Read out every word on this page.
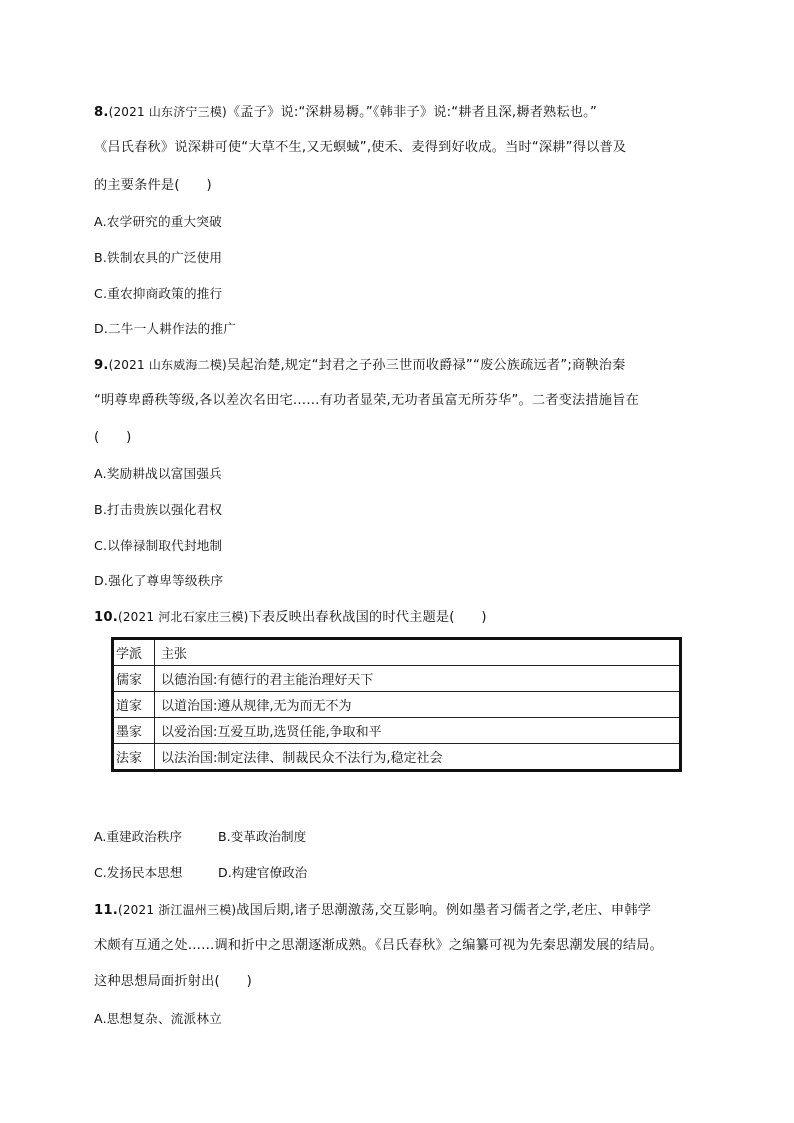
8.(2021 山东济宁三模)《孟子》说:“深耕易耨。”《韩非子》说:“耕者且深,耨者熟耘也。”
《吕氏春秋》说深耕可使“大草不生,又无螟蜮”,使禾、麦得到好收成。当时“深耕”得以普及
的主要条件是(　　)
A.农学研究的重大突破
B.铁制农具的广泛使用
C.重农抑商政策的推行
D.二牛一人耕作法的推广
9.(2021 山东威海二模)吴起治楚,规定“封君之子孙三世而收爵禄”“废公族疏远者”;商鞅治秦
“明尊卑爵秩等级,各以差次名田宅……有功者显荣,无功者虽富无所芬华”。二者变法措施旨在
(　　)
A.奖励耕战以富国强兵
B.打击贵族以强化君权
C.以俸禄制取代封地制
D.强化了尊卑等级秩序
10.(2021 河北石家庄三模)下表反映出春秋战国的时代主题是(　　)
学派	主张
儒家	以德治国:有德行的君主能治理好天下
道家	以道治国:遵从规律,无为而无不为
墨家	以爱治国:互爱互助,选贤任能,争取和平
法家	以法治国:制定法律、制裁民众不法行为,稳定社会
A.重建政治秩序	B.变革政治制度
C.发扬民本思想	D.构建官僚政治
11.(2021 浙江温州三模)战国后期,诸子思潮激荡,交互影响。例如墨者习儒者之学,老庄、申韩学
术颇有互通之处……调和折中之思潮逐渐成熟。《吕氏春秋》之编纂可视为先秦思潮发展的结局。
这种思想局面折射出(　　)
A.思想复杂、流派林立
